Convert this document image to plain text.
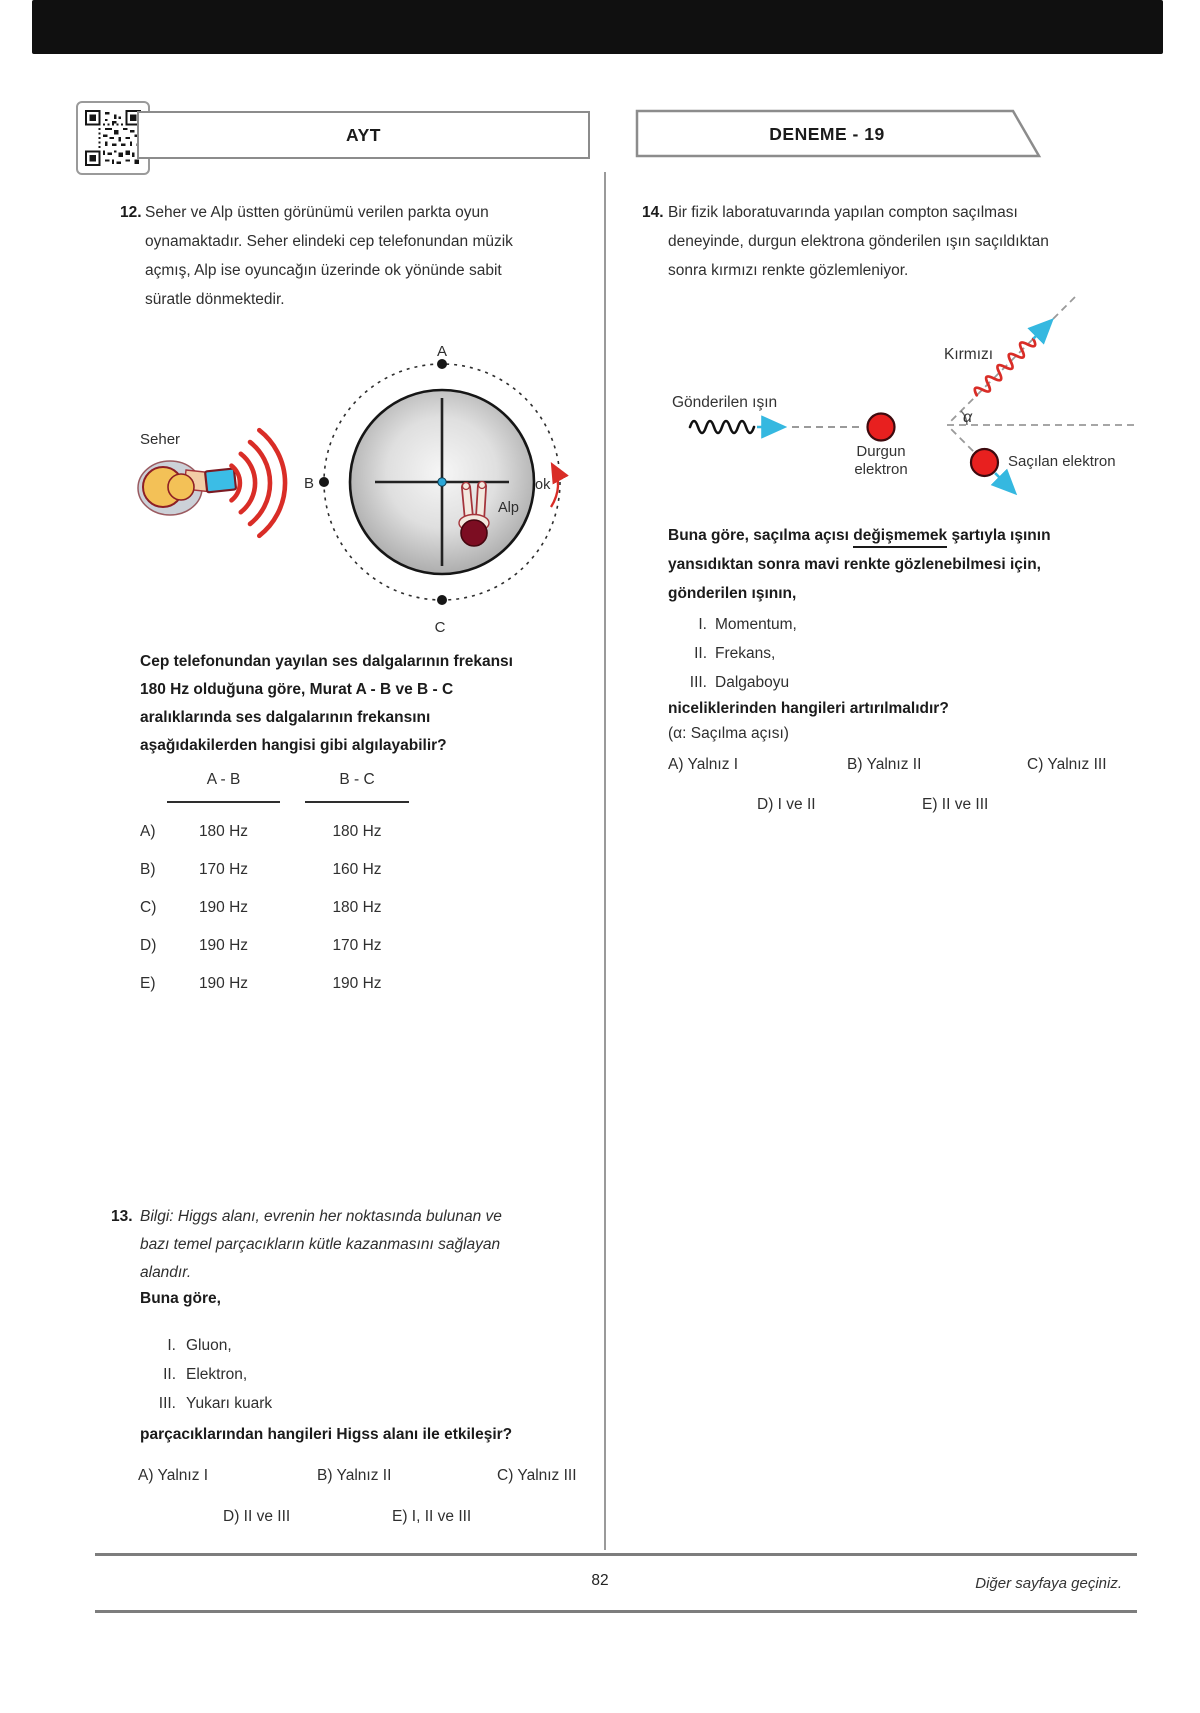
AYT	DENEME - 19
12. Seher ve Alp üstten görünümü verilen parkta oyun
oynamaktadır. Seher elindeki cep telefonundan müzik
açmış, Alp ise oyuncağın üzerinde ok yönünde sabit
süratle dönmektedir.
Alp
A
B
C
ok
Seher
Cep telefonundan yayılan ses dalgalarının frekansı
180 Hz olduğuna göre, Murat A - B ve B - C
aralıklarında ses dalgalarının frekansını
aşağıdakilerden hangisi gibi algılayabilir?
A - B	B - C
A)	180 Hz	180 Hz
B)	170 Hz	160 Hz
C)	190 Hz	180 Hz
D)	190 Hz	170 Hz
E)	190 Hz	190 Hz
13. Bilgi: Higgs alanı, evrenin her noktasında bulunan ve
bazı temel parçacıkların kütle kazanmasını sağlayan
alandır.
Buna göre,
I. Gluon,
II. Elektron,
III. Yukarı kuark
parçacıklarından hangileri Higss alanı ile etkileşir?
A) Yalnız I	B) Yalnız II	C) Yalnız III
D) II ve III	E) I, II ve III
14. Bir fizik laboratuvarında yapılan compton saçılması
deneyinde, durgun elektrona gönderilen ışın saçıldıktan
sonra kırmızı renkte gözlemleniyor.
Gönderilen ışın
Durgun
elektron
Kırmızı
α
Saçılan elektron
Buna göre, saçılma açısı değişmemek şartıyla ışının
yansıdıktan sonra mavi renkte gözlenebilmesi için,
gönderilen ışının,
I. Momentum,
II. Frekans,
III. Dalgaboyu
niceliklerinden hangileri artırılmalıdır?
(α: Saçılma açısı)
A) Yalnız I	B) Yalnız II	C) Yalnız III
D) I ve II	E) II ve III
82	Diğer sayfaya geçiniz.
